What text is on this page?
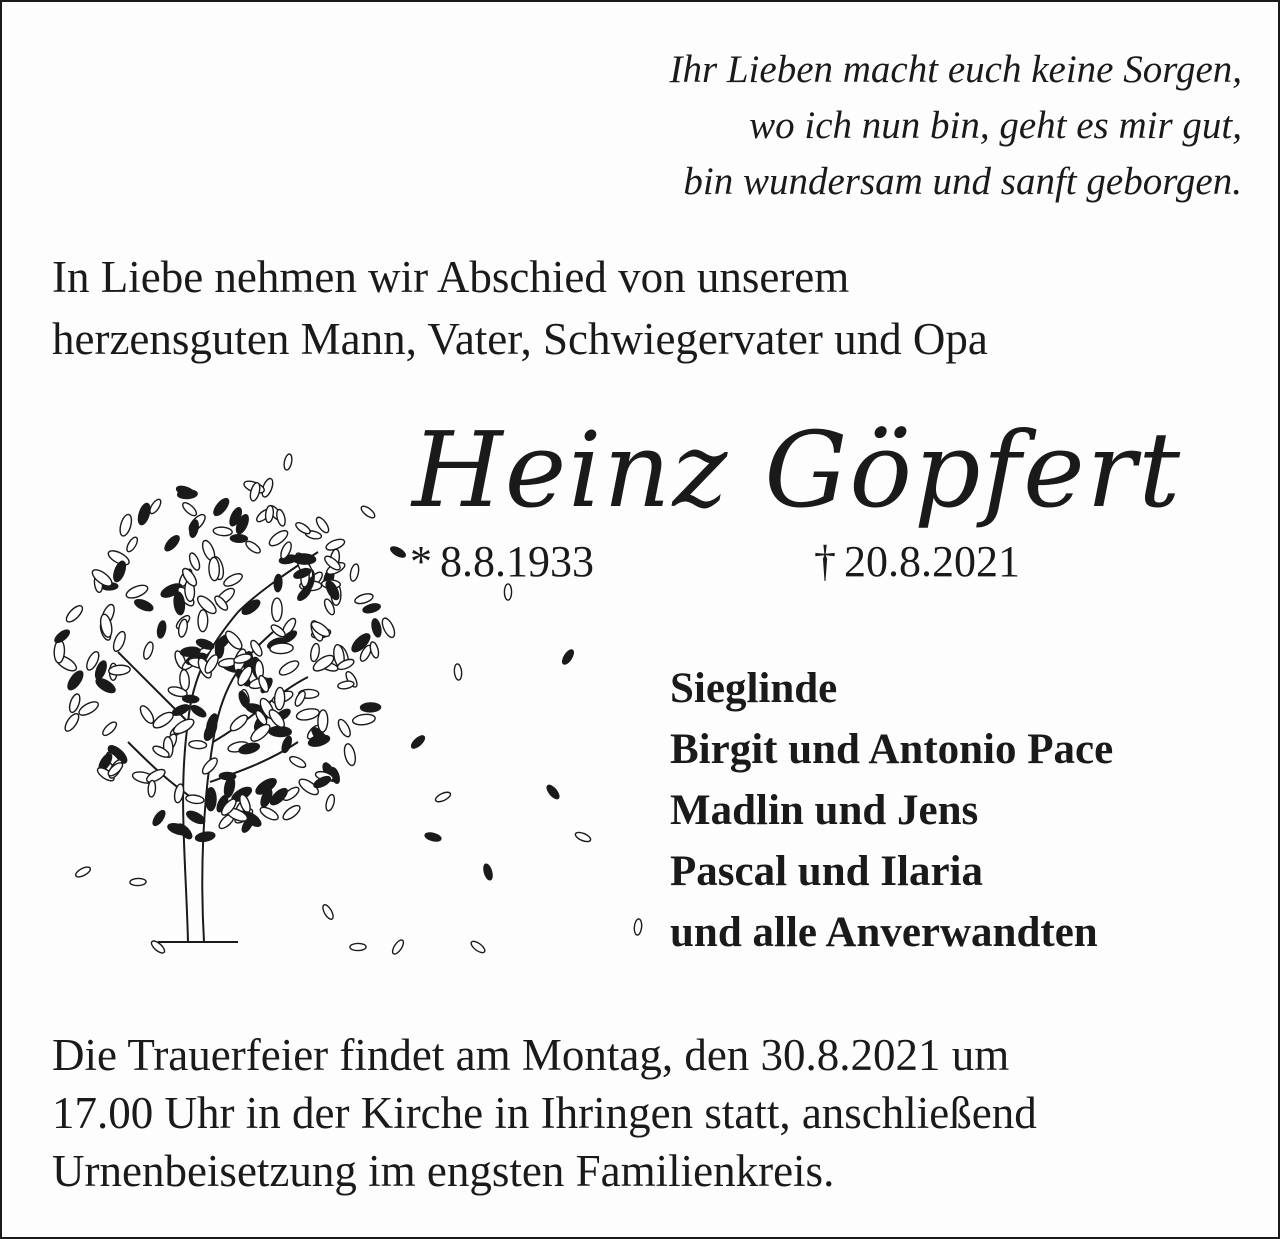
Ihr Lieben macht euch keine Sorgen,
wo ich nun bin, geht es mir gut,
bin wundersam und sanft geborgen.
In Liebe nehmen wir Abschied von unserem
herzensguten Mann, Vater, Schwiegervater und Opa
Heinz Göpfert
* 8.8.1933	† 20.8.2021
Sieglinde
Birgit und Antonio Pace
Madlin und Jens
Pascal und Ilaria
und alle Anverwandten
Die Trauerfeier findet am Montag, den 30.8.2021 um
17.00 Uhr in der Kirche in Ihringen statt, anschließend
Urnenbeisetzung im engsten Familienkreis.
